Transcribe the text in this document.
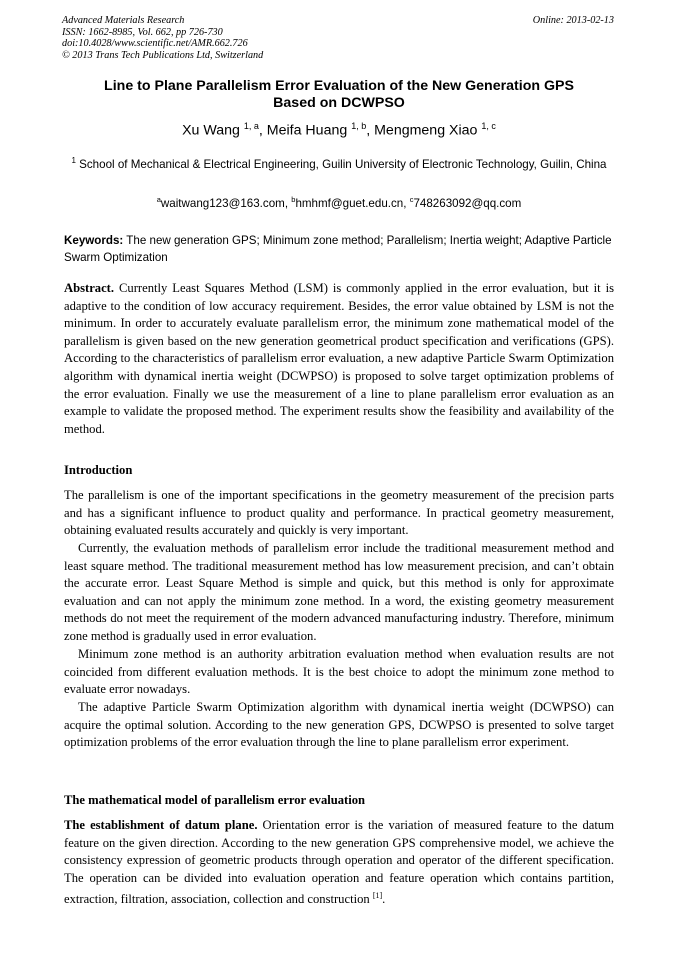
Advanced Materials Research
ISSN: 1662-8985, Vol. 662, pp 726-730
doi:10.4028/www.scientific.net/AMR.662.726
© 2013 Trans Tech Publications Ltd, Switzerland
Online: 2013-02-13
Line to Plane Parallelism Error Evaluation of the New Generation GPS
Based on DCWPSO
Xu Wang $^{1, a}$, Meifa Huang $^{1, b}$, Mengmeng Xiao $^{1, c}$
$^1$ School of Mechanical & Electrical Engineering, Guilin University of Electronic Technology, Guilin, China
$^a$waitwang123@163.com, $^b$hmhmf@guet.edu.cn, $^c$748263092@qq.com
Keywords: The new generation GPS; Minimum zone method; Parallelism; Inertia weight; Adaptive Particle Swarm Optimization
Abstract. Currently Least Squares Method (LSM) is commonly applied in the error evaluation, but it is adaptive to the condition of low accuracy requirement. Besides, the error value obtained by LSM is not the minimum. In order to accurately evaluate parallelism error, the minimum zone mathematical model of the parallelism is given based on the new generation geometrical product specification and verifications (GPS). According to the characteristics of parallelism error evaluation, a new adaptive Particle Swarm Optimization algorithm with dynamical inertia weight (DCWPSO) is proposed to solve target optimization problems of the error evaluation. Finally we use the measurement of a line to plane parallelism error evaluation as an example to validate the proposed method. The experiment results show the feasibility and availability of the method.
Introduction
The parallelism is one of the important specifications in the geometry measurement of the precision parts and has a significant influence to product quality and performance. In practical geometry measurement, obtaining evaluated results accurately and quickly is very important.
Currently, the evaluation methods of parallelism error include the traditional measurement method and least square method. The traditional measurement method has low measurement precision, and can’t obtain the accurate error. Least Square Method is simple and quick, but this method is only for approximate evaluation and can not apply the minimum zone method. In a word, the existing geometry measurement methods do not meet the requirement of the modern advanced manufacturing industry. Therefore, minimum zone method is gradually used in error evaluation.
Minimum zone method is an authority arbitration evaluation method when evaluation results are not coincided from different evaluation methods. It is the best choice to adopt the minimum zone method to evaluate error nowadays.
The adaptive Particle Swarm Optimization algorithm with dynamical inertia weight (DCWPSO) can acquire the optimal solution. According to the new generation GPS, DCWPSO is presented to solve target optimization problems of the error evaluation through the line to plane parallelism error experiment.
The mathematical model of parallelism error evaluation
The establishment of datum plane. Orientation error is the variation of measured feature to the datum feature on the given direction. According to the new generation GPS comprehensive model, we achieve the consistency expression of geometric products through operation and operator of the different specification. The operation can be divided into evaluation operation and feature operation which contains partition, extraction, filtration, association, collection and construction [1].
